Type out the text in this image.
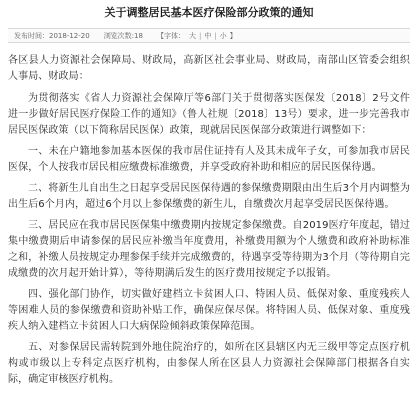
关于调整居民基本医疗保险部分政策的通知
发布时间：2018-12-20 浏览次数:18 【字体： 大 | 中 | 小 】

各区县人力资源社会保障局、财政局，高新区社会事业局、财政局，南部山区管委会组织人事局、财政局：

为贯彻落实《省人力资源社会保障厅等6部门关于贯彻落实医保发〔2018〕2号文件进一步做好居民医疗保险工作的通知》（鲁人社规〔2018〕13号）要求，进一步完善我市居民医保政策（以下简称居民医保）政策，现就居民医保部分政策进行调整如下：

一、未在户籍地参加基本医保的我市居住证持有人及其未成年子女，可参加我市居民医保，个人按我市居民相应缴费标准缴费，并享受政府补助和相应的居民医保待遇。

二、将新生儿自出生之日起享受居民医保待遇的参保缴费期限由出生后3个月内调整为出生后6个月内，超过6个月以上参保缴费的新生儿，自缴费次月起享受居民医保待遇。

三、居民应在我市居民医保集中缴费期内按规定参保缴费。自2019医疗年度起，错过集中缴费期后申请参保的居民应补缴当年度费用，补缴费用额为个人缴费和政府补助标准之和，补缴人员按规定办理参保手续并完成缴费的，待遇享受等待期为3个月（等待期自完成缴费的次月起开始计算），等待期满后发生的医疗费用按规定予以报销。

四、强化部门协作，切实做好建档立卡贫困人口、特困人员、低保对象、重度残疾人等困难人员的参保缴费和资助补贴工作，确保应保尽保。将特困人员、低保对象、重度残疾人纳入建档立卡贫困人口大病保险倾斜政策保障范围。

五、对参保居民需转院到外地住院治疗的，如所在区县辖区内无三级甲等定点医疗机构或市级以上专科定点医疗机构，由参保人所在区县人力资源社会保障部门根据各自实际，确定审核医疗机构。
